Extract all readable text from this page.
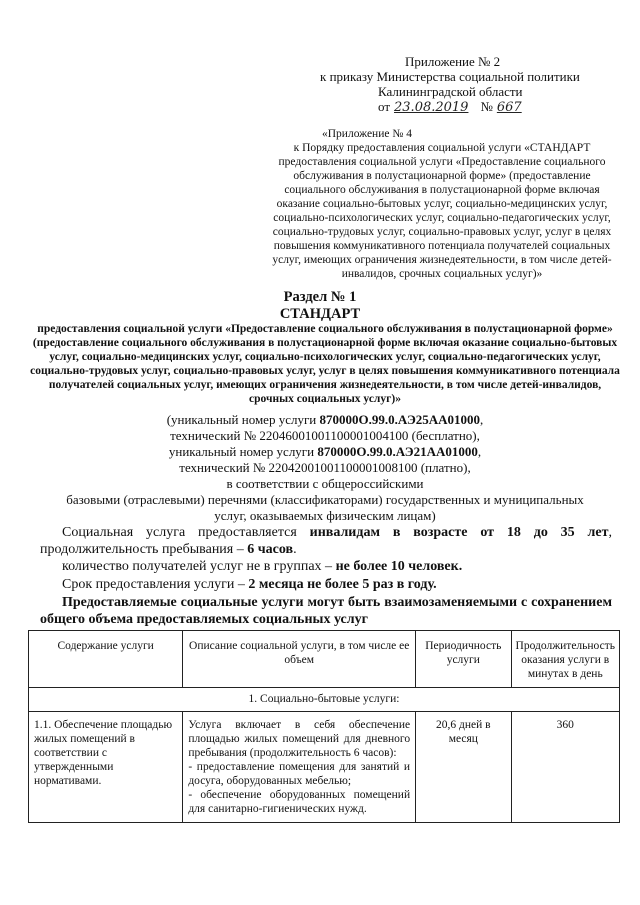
Приложение № 2
к приказу Министерства социальной политики
Калининградской области
от 23.08.2019 № 667
«Приложение № 4
к Порядку предоставления социальной услуги «СТАНДАРТ предоставления социальной услуги «Предоставление социального обслуживания в полустационарной форме» (предоставление социального обслуживания в полустационарной форме включая оказание социально-бытовых услуг, социально-медицинских услуг, социально-психологических услуг, социально-педагогических услуг, социально-трудовых услуг, социально-правовых услуг, услуг в целях повышения коммуникативного потенциала получателей социальных услуг, имеющих ограничения жизнедеятельности, в том числе детей-инвалидов, срочных социальных услуг)»
Раздел № 1
СТАНДАРТ
предоставления социальной услуги «Предоставление социального обслуживания в полустационарной форме» (предоставление социального обслуживания в полустационарной форме включая оказание социально-бытовых услуг, социально-медицинских услуг, социально-психологических услуг, социально-педагогических услуг, социально-трудовых услуг, социально-правовых услуг, услуг в целях повышения коммуникативного потенциала получателей социальных услуг, имеющих ограничения жизнедеятельности, в том числе детей-инвалидов, срочных социальных услуг)»
(уникальный номер услуги 870000О.99.0.АЭ25АА01000,
технический № 22046001001100001004100 (бесплатно),
уникальный номер услуги 870000О.99.0.АЭ21АА01000,
технический № 22042001001100001008100 (платно),
в соответствии с общероссийскими
базовыми (отраслевыми) перечнями (классификаторами) государственных и муниципальных
услуг, оказываемых физическим лицам)
Социальная услуга предоставляется инвалидам в возрасте от 18 до 35 лет, продолжительность пребывания – 6 часов.
количество получателей услуг не в группах – не более 10 человек.
Срок предоставления услуги – 2 месяца не более 5 раз в году.
Предоставляемые социальные услуги могут быть взаимозаменяемыми с сохранением общего объема предоставляемых социальных услуг
Содержание услуги	Описание социальной услуги, в том числе ее объем	Периодичность услуги	Продолжительность оказания услуги в минутах в день
1. Социально-бытовые услуги:			
1.1. Обеспечение площадью жилых помещений в соответствии с утвержденными нормативами.	Услуга включает в себя обеспечение площадью жилых помещений для дневного пребывания (продолжительность 6 часов):
- предоставление помещения для занятий и досуга, оборудованных мебелью;
- обеспечение оборудованных помещений для санитарно-гигиенических нужд.	20,6 дней в месяц	360
